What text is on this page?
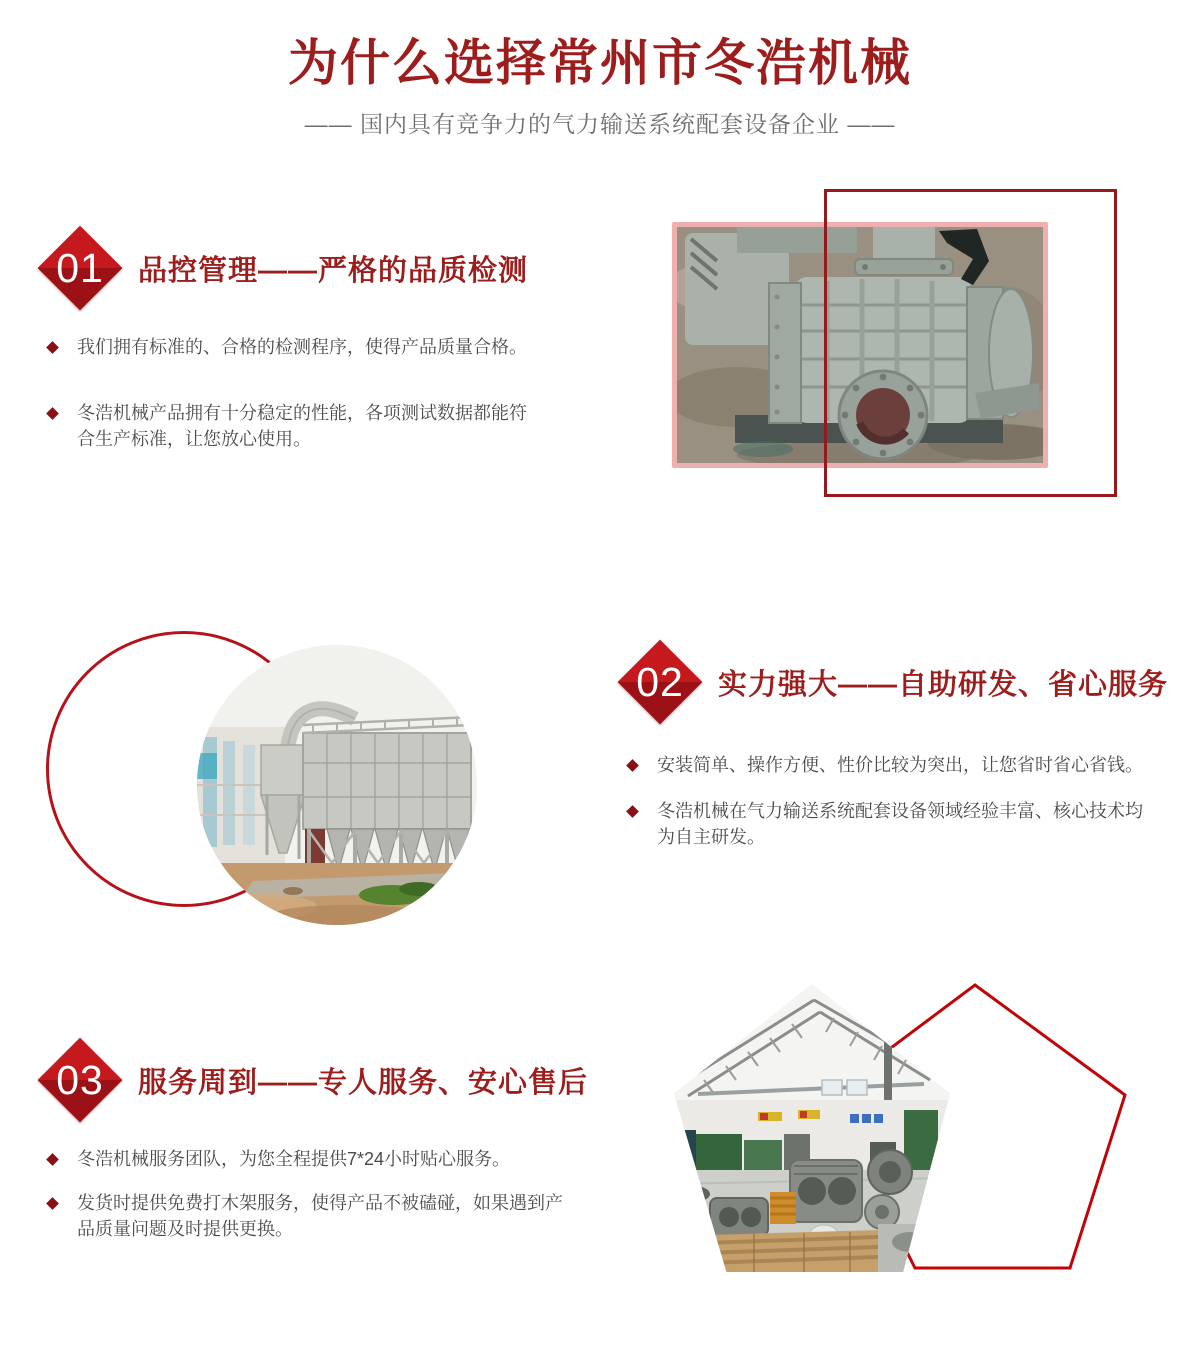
为什么选择常州市冬浩机械
—— 国内具有竞争力的气力输送系统配套设备企业 ——
01	品控管理——严格的品质检测
我们拥有标准的、合格的检测程序，使得产品质量合格。
冬浩机械产品拥有十分稳定的性能，各项测试数据都能符合生产标准，让您放心使用。
02	实力强大——自助研发、省心服务
安装简单、操作方便、性价比较为突出，让您省时省心省钱。
冬浩机械在气力输送系统配套设备领域经验丰富、核心技术均为自主研发。
03	服务周到——专人服务、安心售后
冬浩机械服务团队，为您全程提供7*24小时贴心服务。
发货时提供免费打木架服务，使得产品不被磕碰，如果遇到产品质量问题及时提供更换。
